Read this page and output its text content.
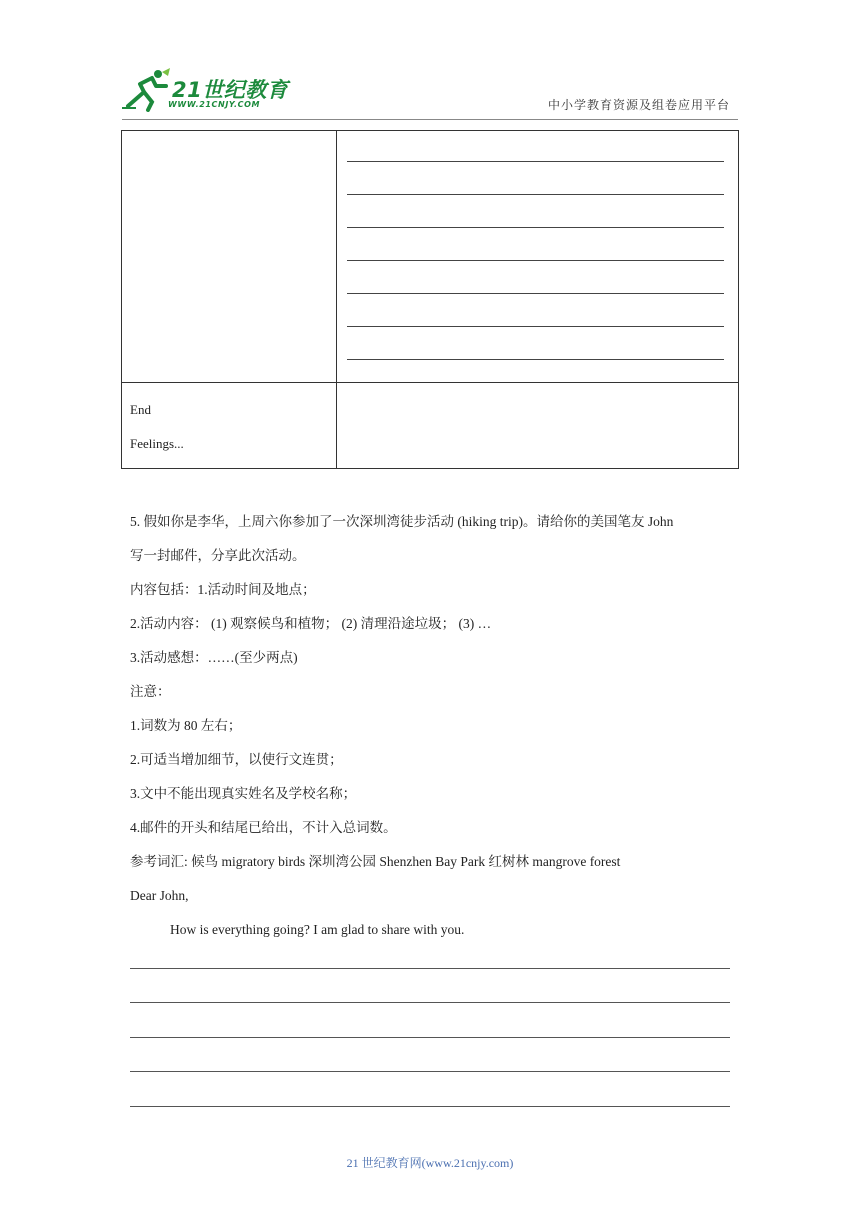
21世纪教育
WWW.21CNJY.COM	中小学教育资源及组卷应用平台

End
Feelings...	

5. 假如你是李华，上周六你参加了一次深圳湾徒步活动 (hiking trip)。请给你的美国笔友 John

写一封邮件，分享此次活动。

内容包括：1.活动时间及地点；

2.活动内容： (1) 观察候鸟和植物； (2) 清理沿途垃圾； (3) …

3.活动感想：……(至少两点)

注意：

1.词数为 80 左右；

2.可适当增加细节，以使行文连贯；

3.文中不能出现真实姓名及学校名称；

4.邮件的开头和结尾已给出，不计入总词数。

参考词汇: 候鸟 migratory birds 深圳湾公园 Shenzhen Bay Park 红树林 mangrove forest

Dear John,

How is everything going? I am glad to share with you.

21 世纪教育网(www.21cnjy.com)
